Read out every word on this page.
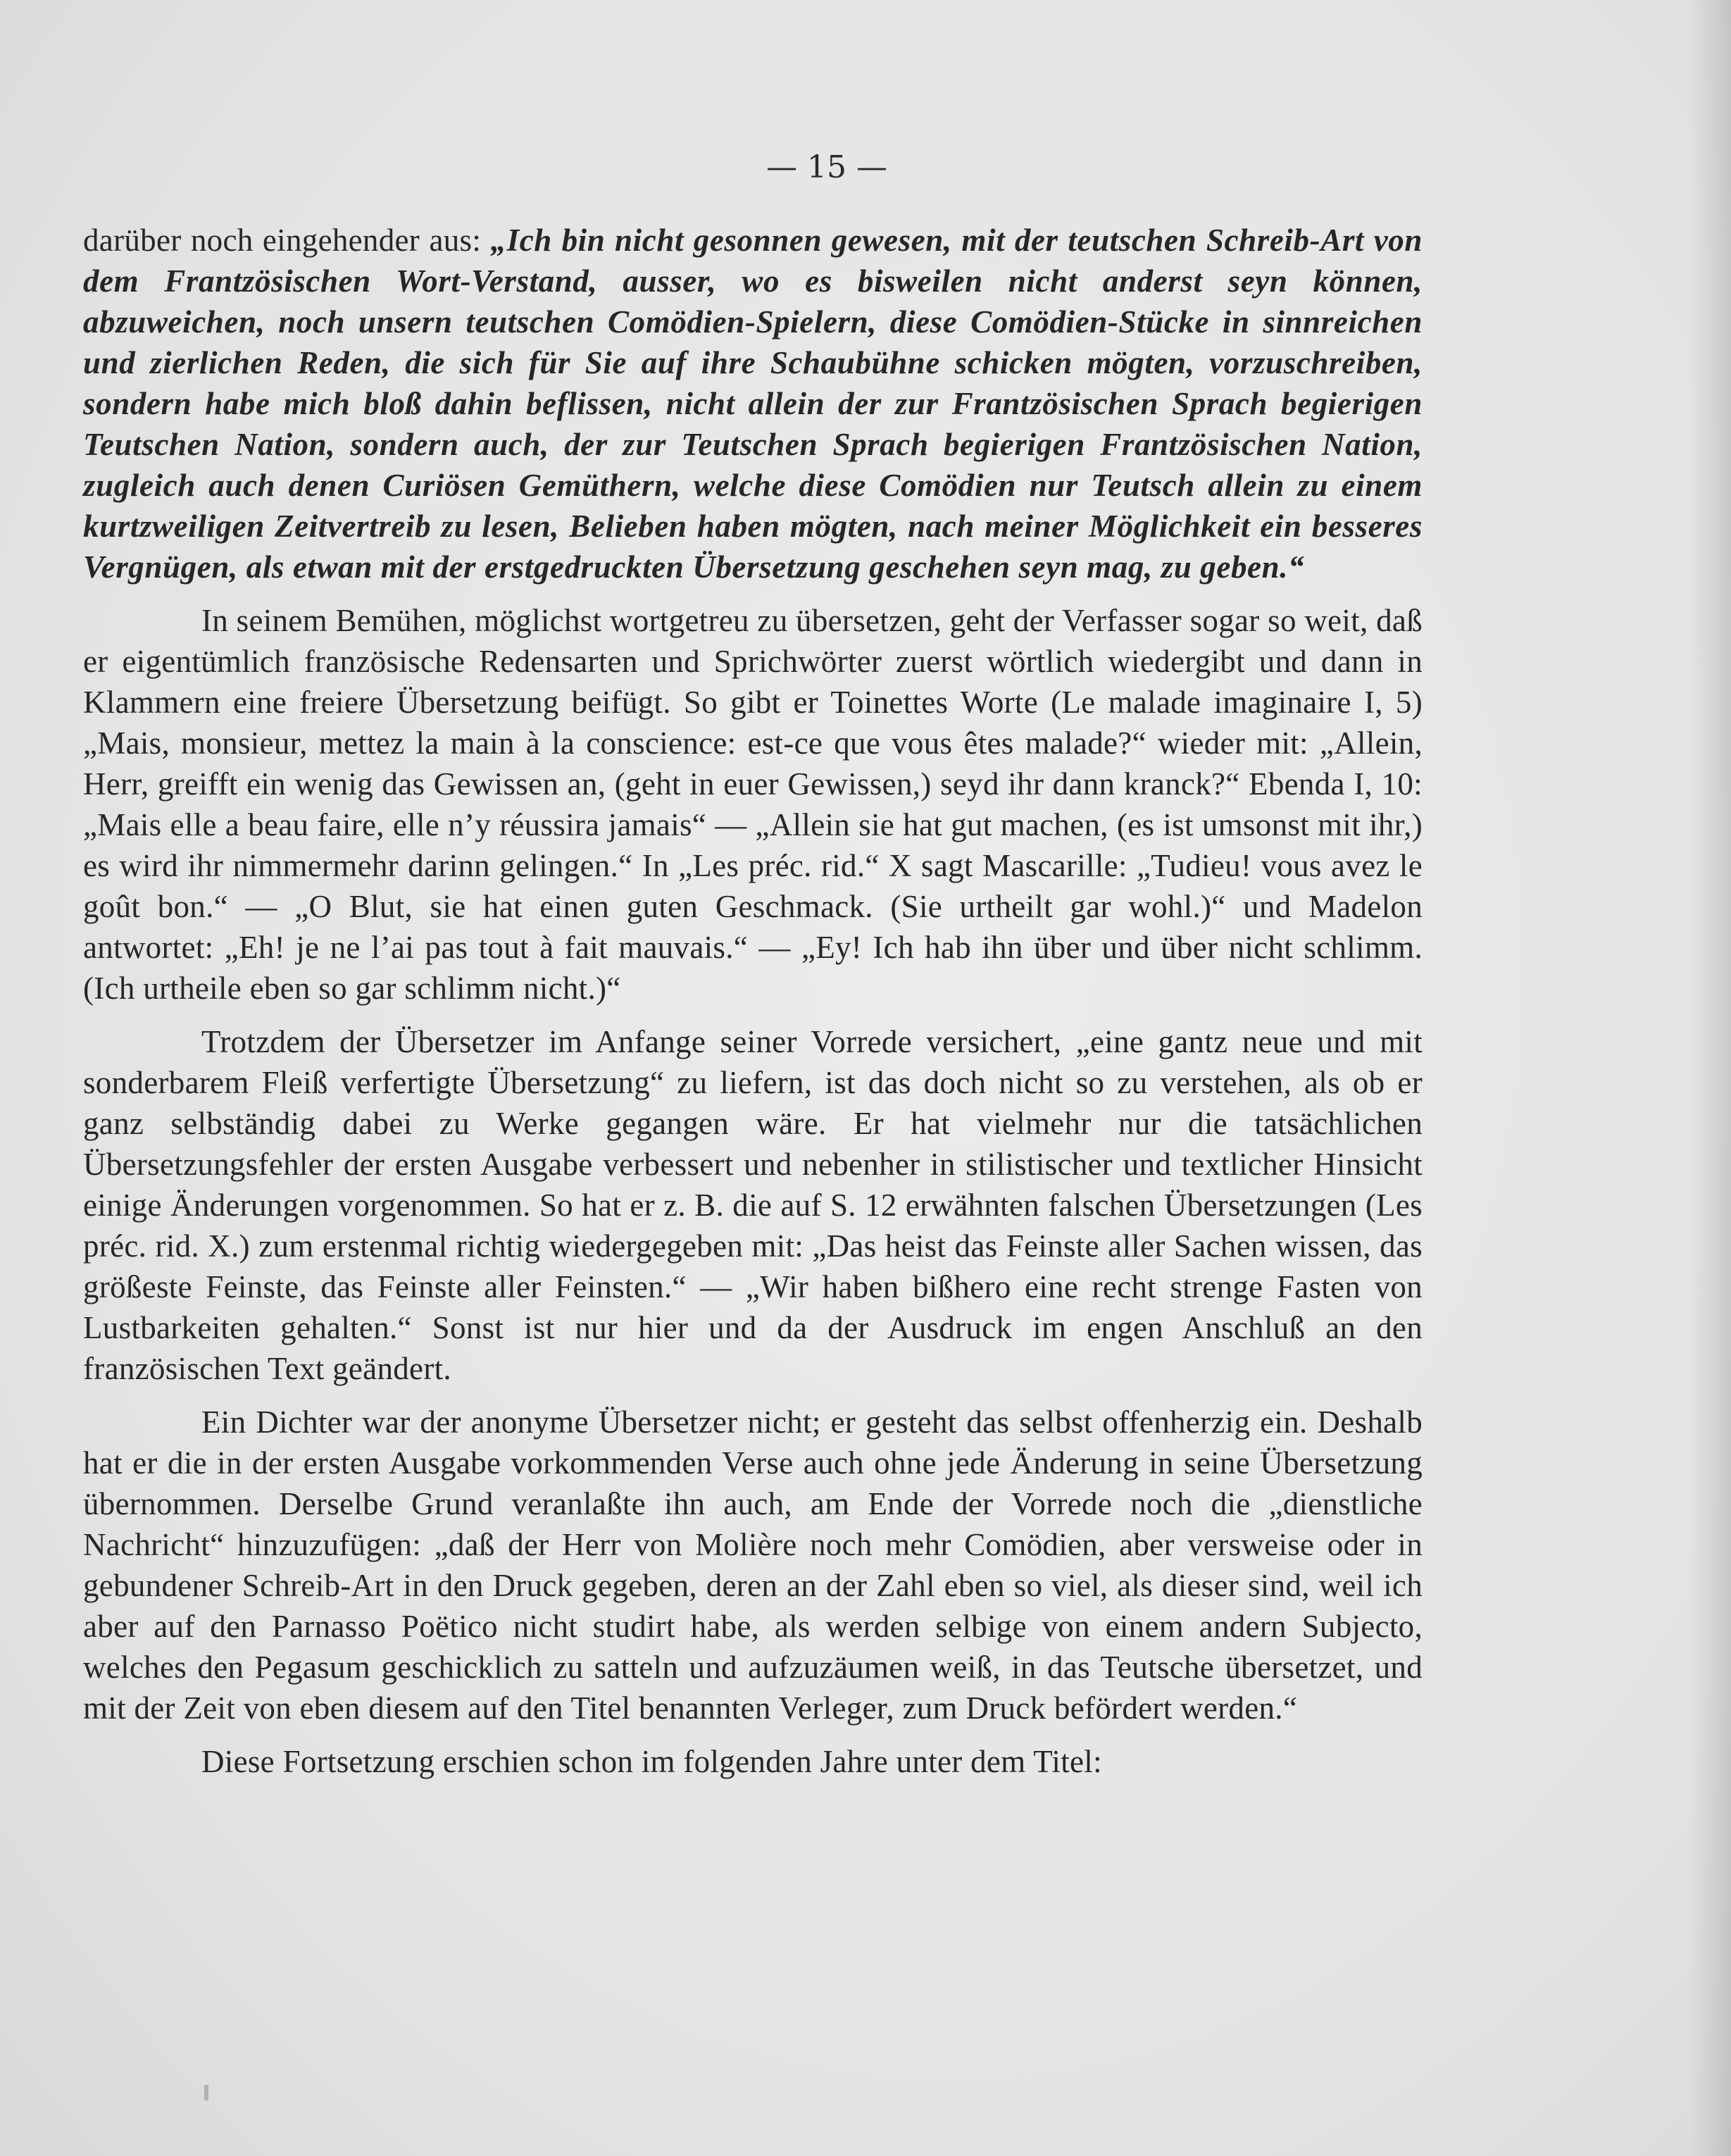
— 15 —

darüber noch eingehender aus: „Ich bin nicht gesonnen gewesen, mit der teutschen Schreib-Art von dem Frantzösischen Wort-Verstand, ausser, wo es bisweilen nicht anderst seyn können, abzuweichen, noch unsern teutschen Comödien-Spielern, diese Comödien-Stücke in sinnreichen und zierlichen Reden, die sich für Sie auf ihre Schaubühne schicken mögten, vorzuschreiben, sondern habe mich bloß dahin beflissen, nicht allein der zur Frantzösischen Sprach begierigen Teutschen Nation, sondern auch, der zur Teutschen Sprach begierigen Frantzösischen Nation, zugleich auch denen Curiösen Gemüthern, welche diese Comödien nur Teutsch allein zu einem kurtzweiligen Zeitvertreib zu lesen, Belieben haben mögten, nach meiner Möglichkeit ein besseres Vergnügen, als etwan mit der erstgedruckten Übersetzung geschehen seyn mag, zu geben.“

In seinem Bemühen, möglichst wortgetreu zu übersetzen, geht der Verfasser sogar so weit, daß er eigentümlich französische Redensarten und Sprichwörter zuerst wörtlich wiedergibt und dann in Klammern eine freiere Übersetzung beifügt. So gibt er Toinettes Worte (Le malade imaginaire I, 5) „Mais, monsieur, mettez la main à la conscience: est-ce que vous êtes malade?“ wieder mit: „Allein, Herr, greifft ein wenig das Gewissen an, (geht in euer Gewissen,) seyd ihr dann kranck?“ Ebenda I, 10: „Mais elle a beau faire, elle n’y réussira jamais“ — „Allein sie hat gut machen, (es ist umsonst mit ihr,) es wird ihr nimmermehr darinn gelingen.“ In „Les préc. rid.“ X sagt Mascarille: „Tudieu! vous avez le goût bon.“ — „O Blut, sie hat einen guten Geschmack. (Sie urtheilt gar wohl.)“ und Madelon antwortet: „Eh! je ne l’ai pas tout à fait mauvais.“ — „Ey! Ich hab ihn über und über nicht schlimm. (Ich urtheile eben so gar schlimm nicht.)“

Trotzdem der Übersetzer im Anfange seiner Vorrede versichert, „eine gantz neue und mit sonderbarem Fleiß verfertigte Übersetzung“ zu liefern, ist das doch nicht so zu verstehen, als ob er ganz selbständig dabei zu Werke gegangen wäre. Er hat vielmehr nur die tatsächlichen Übersetzungsfehler der ersten Ausgabe verbessert und nebenher in stilistischer und textlicher Hinsicht einige Änderungen vorgenommen. So hat er z. B. die auf S. 12 erwähnten falschen Übersetzungen (Les préc. rid. X.) zum erstenmal richtig wiedergegeben mit: „Das heist das Feinste aller Sachen wissen, das größeste Feinste, das Feinste aller Feinsten.“ — „Wir haben bißhero eine recht strenge Fasten von Lustbarkeiten gehalten.“ Sonst ist nur hier und da der Ausdruck im engen Anschluß an den französischen Text geändert.

Ein Dichter war der anonyme Übersetzer nicht; er gesteht das selbst offenherzig ein. Deshalb hat er die in der ersten Ausgabe vorkommenden Verse auch ohne jede Änderung in seine Übersetzung übernommen. Derselbe Grund veranlaßte ihn auch, am Ende der Vorrede noch die „dienstliche Nachricht“ hinzuzufügen: „daß der Herr von Molière noch mehr Comödien, aber versweise oder in gebundener Schreib-Art in den Druck gegeben, deren an der Zahl eben so viel, als dieser sind, weil ich aber auf den Parnasso Poëtico nicht studirt habe, als werden selbige von einem andern Subjecto, welches den Pegasum geschicklich zu satteln und aufzuzäumen weiß, in das Teutsche übersetzet, und mit der Zeit von eben diesem auf den Titel benannten Verleger, zum Druck befördert werden.“

Diese Fortsetzung erschien schon im folgenden Jahre unter dem Titel:
